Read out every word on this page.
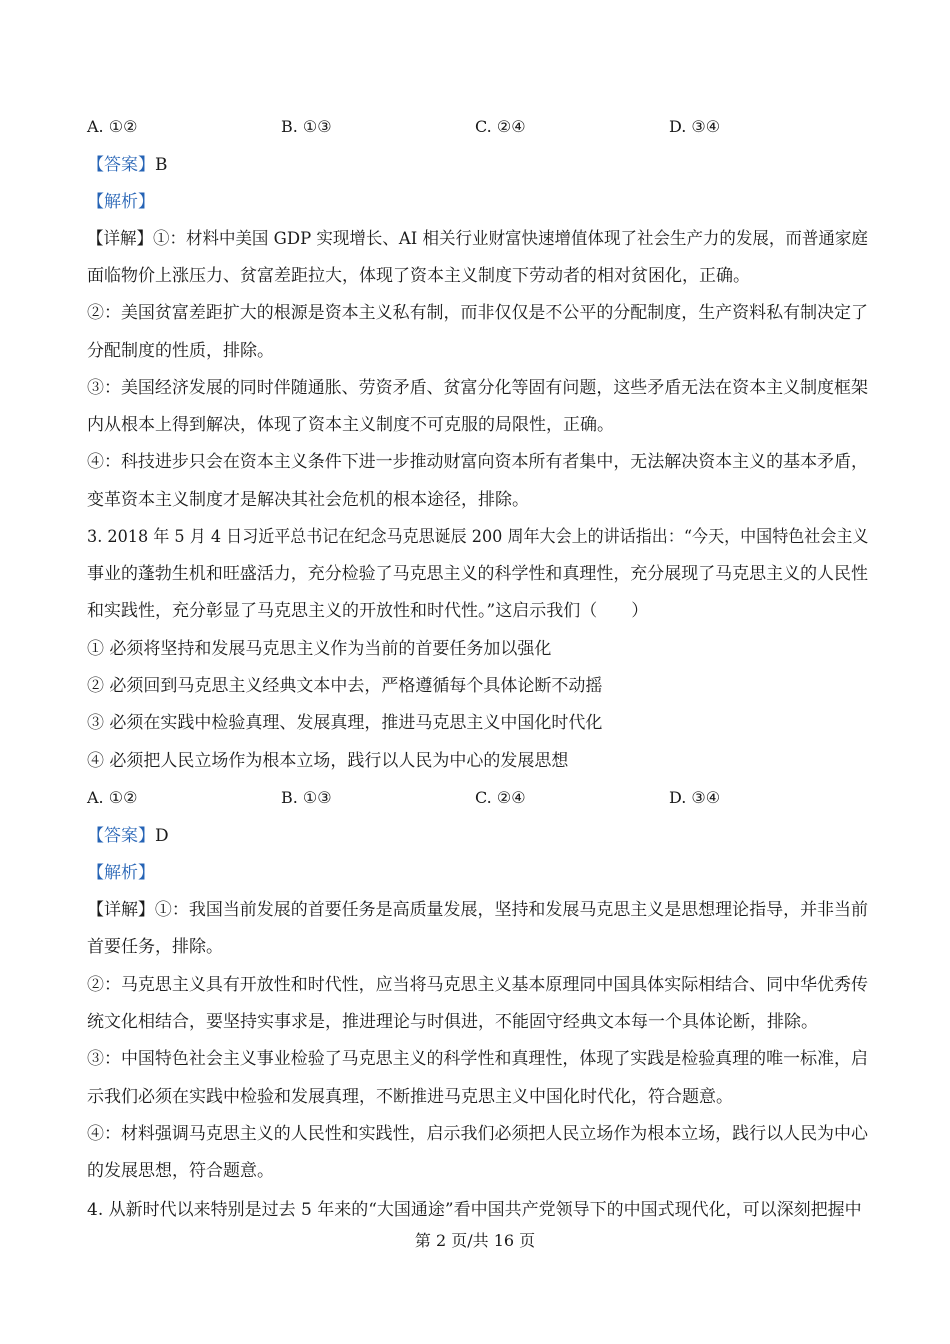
A. ①②	B. ①③	C. ②④	D. ③④
【答案】B
【解析】
【详解】①：材料中美国 GDP 实现增长、AI 相关行业财富快速增值体现了社会生产力的发展，而普通家庭
面临物价上涨压力、贫富差距拉大，体现了资本主义制度下劳动者的相对贫困化，正确。
②：美国贫富差距扩大的根源是资本主义私有制，而非仅仅是不公平的分配制度，生产资料私有制决定了
分配制度的性质，排除。
③：美国经济发展的同时伴随通胀、劳资矛盾、贫富分化等固有问题，这些矛盾无法在资本主义制度框架
内从根本上得到解决，体现了资本主义制度不可克服的局限性，正确。
④：科技进步只会在资本主义条件下进一步推动财富向资本所有者集中，无法解决资本主义的基本矛盾，
变革资本主义制度才是解决其社会危机的根本途径，排除。
3. 2018 年 5 月 4 日习近平总书记在纪念马克思诞辰 200 周年大会上的讲话指出：“今天，中国特色社会主义
事业的蓬勃生机和旺盛活力，充分检验了马克思主义的科学性和真理性，充分展现了马克思主义的人民性
和实践性，充分彰显了马克思主义的开放性和时代性。”这启示我们（　　）
① 必须将坚持和发展马克思主义作为当前的首要任务加以强化
② 必须回到马克思主义经典文本中去，严格遵循每个具体论断不动摇
③ 必须在实践中检验真理、发展真理，推进马克思主义中国化时代化
④ 必须把人民立场作为根本立场，践行以人民为中心的发展思想
A. ①②	B. ①③	C. ②④	D. ③④
【答案】D
【解析】
【详解】①：我国当前发展的首要任务是高质量发展，坚持和发展马克思主义是思想理论指导，并非当前
首要任务，排除。
②：马克思主义具有开放性和时代性，应当将马克思主义基本原理同中国具体实际相结合、同中华优秀传
统文化相结合，要坚持实事求是，推进理论与时俱进，不能固守经典文本每一个具体论断，排除。
③：中国特色社会主义事业检验了马克思主义的科学性和真理性，体现了实践是检验真理的唯一标准，启
示我们必须在实践中检验和发展真理，不断推进马克思主义中国化时代化，符合题意。
④：材料强调马克思主义的人民性和实践性，启示我们必须把人民立场作为根本立场，践行以人民为中心
的发展思想，符合题意。
4. 从新时代以来特别是过去 5 年来的“大国通途”看中国共产党领导下的中国式现代化，可以深刻把握中
第 2 页/共 16 页
